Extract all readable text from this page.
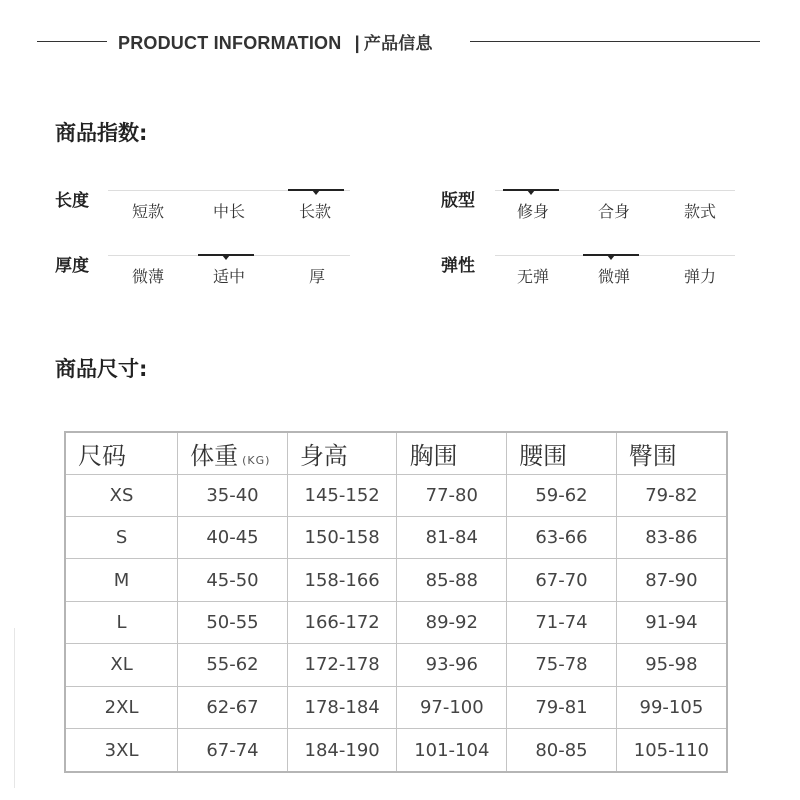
PRODUCT INFORMATION | 产品信息
商品指数:
长度
短款	中长	长款
版型
修身	合身	款式
厚度
微薄	适中	厚
弹性
无弹	微弹	弹力
商品尺寸:
尺码	体重 (KG)	身高	胸围	腰围	臀围
XS	35-40	145-152	77-80	59-62	79-82
S	40-45	150-158	81-84	63-66	83-86
M	45-50	158-166	85-88	67-70	87-90
L	50-55	166-172	89-92	71-74	91-94
XL	55-62	172-178	93-96	75-78	95-98
2XL	62-67	178-184	97-100	79-81	99-105
3XL	67-74	184-190	101-104	80-85	105-110
